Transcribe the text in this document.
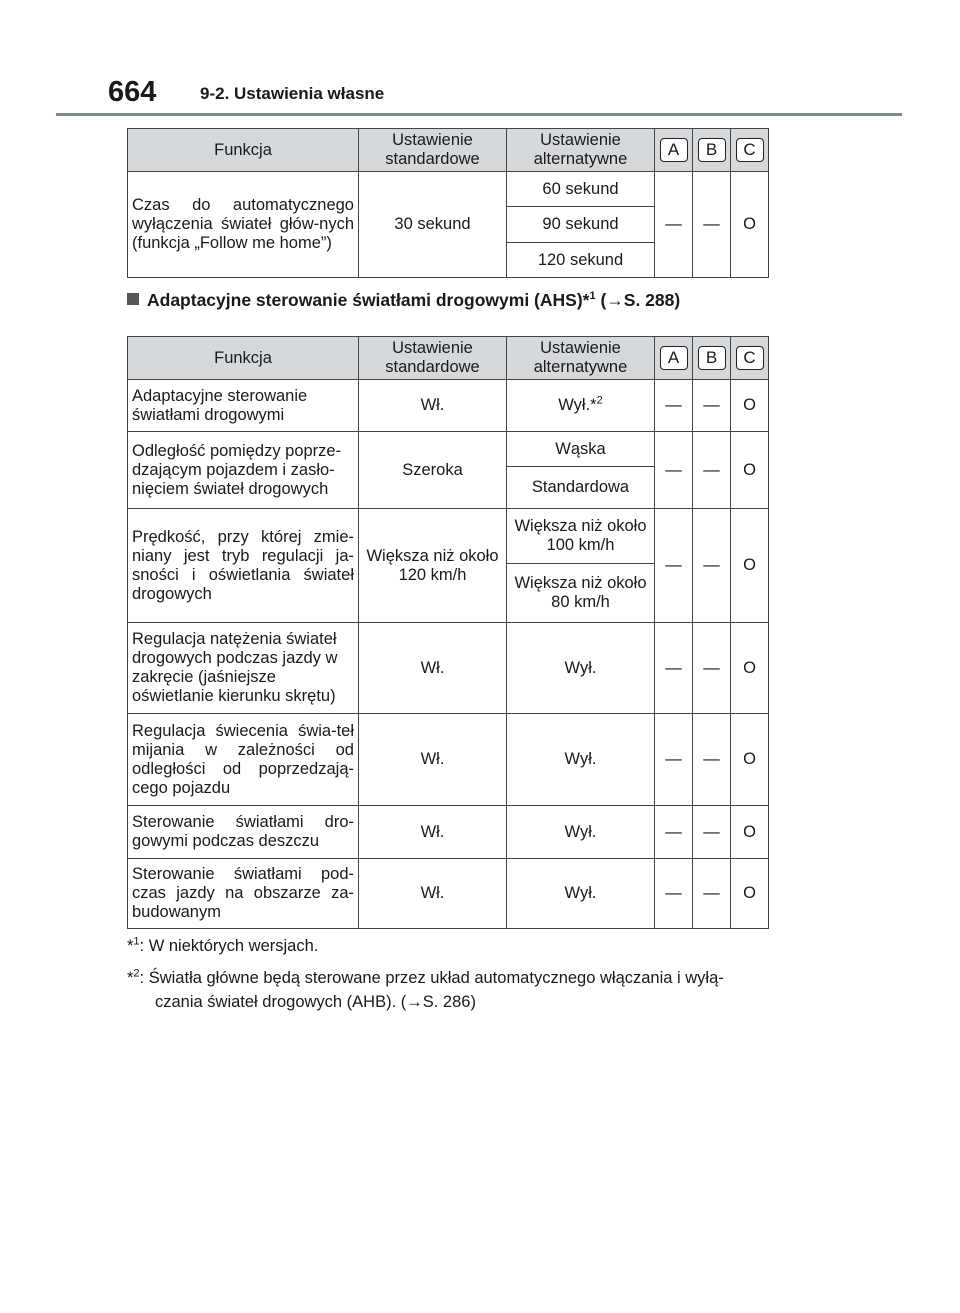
664	9-2. Ustawienia własne
Funkcja	Ustawienie standardowe	Ustawienie alternatywne	A	B	C
Czas do automatycznego wyłączenia świateł głów-nych (funkcja „Follow me home”)	30 sekund	60 sekund	—	—	O
		90 sekund			
		120 sekund			
Adaptacyjne sterowanie światłami drogowymi (AHS)*$^1$ (→S. 288)
Funkcja	Ustawienie standardowe	Ustawienie alternatywne	A	B	C
Adaptacyjne sterowanie światłami drogowymi	Wł.	Wył.*$^2$	—	—	O
Odległość pomiędzy poprze-dzającym pojazdem i zasło-nięciem świateł drogowych	Szeroka	Wąska	—	—	O
		Standardowa			
Prędkość, przy której zmie-niany jest tryb regulacji ja-sności i oświetlania świateł drogowych	Większa niż około 120 km/h	Większa niż około 100 km/h	—	—	O
		Większa niż około 80 km/h			
Regulacja natężenia świateł drogowych podczas jazdy w zakręcie (jaśniejsze oświetlanie kierunku skrętu)	Wł.	Wył.	—	—	O
Regulacja świecenia świa-teł mijania w zależności od odległości od poprzedzają-cego pojazdu	Wł.	Wył.	—	—	O
Sterowanie światłami dro-gowymi podczas deszczu	Wł.	Wył.	—	—	O
Sterowanie światłami pod-czas jazdy na obszarze za-budowanym	Wł.	Wył.	—	—	O
*$^1$: W niektórych wersjach.
*$^2$: Światła główne będą sterowane przez układ automatycznego włączania i wyłą-
czania świateł drogowych (AHB). (→S. 286)
